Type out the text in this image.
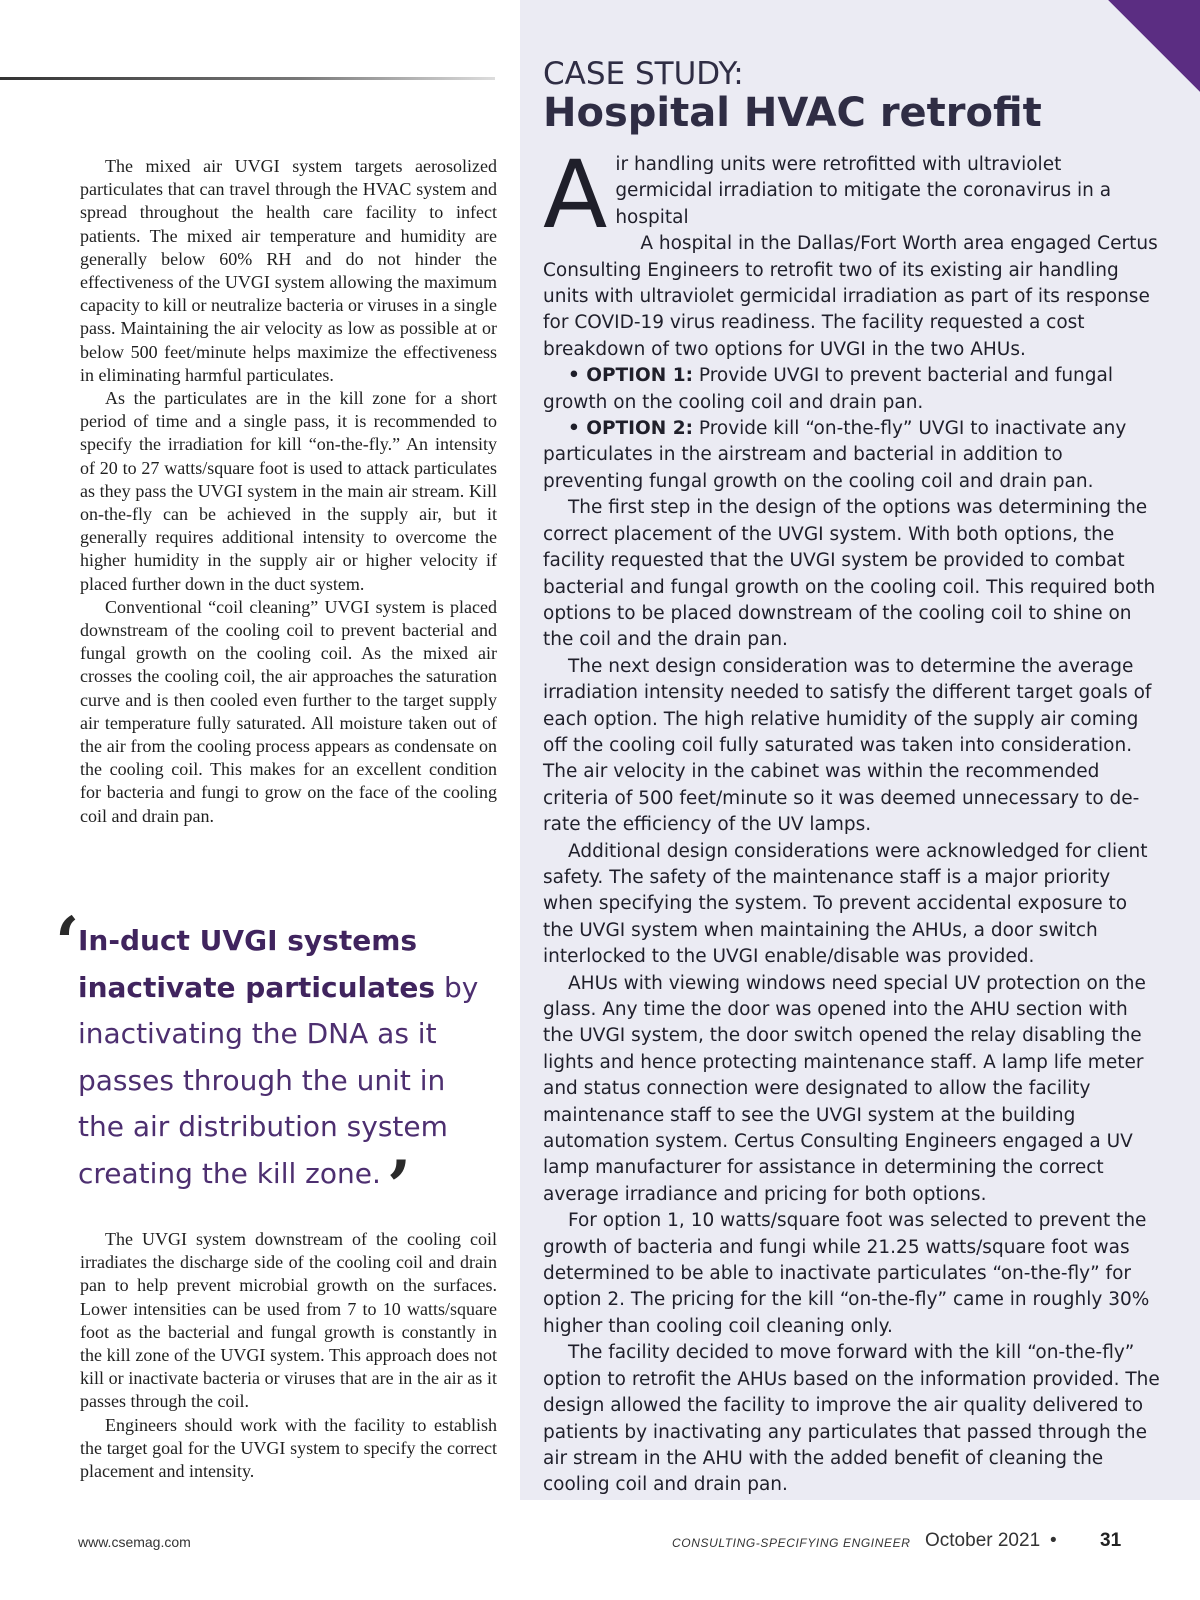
The mixed air UVGI system targets aerosolized particulates that can travel through the HVAC system and spread throughout the health care facility to infect patients. The mixed air temperature and humidity are generally below 60% RH and do not hinder the effectiveness of the UVGI system allowing the maximum capacity to kill or neutralize bacteria or viruses in a single pass. Maintaining the air velocity as low as possible at or below 500 feet/minute helps maximize the effectiveness in eliminating harmful particulates.

As the particulates are in the kill zone for a short period of time and a single pass, it is recommended to specify the irradiation for kill “on-the-fly.” An intensity of 20 to 27 watts/square foot is used to attack particulates as they pass the UVGI system in the main air stream. Kill on-the-fly can be achieved in the supply air, but it generally requires additional intensity to overcome the higher humidity in the supply air or higher velocity if placed further down in the duct system.

Conventional “coil cleaning” UVGI system is placed downstream of the cooling coil to prevent bacterial and fungal growth on the cooling coil. As the mixed air crosses the cooling coil, the air approaches the saturation curve and is then cooled even further to the target supply air temperature fully saturated. All moisture taken out of the air from the cooling process appears as condensate on the cooling coil. This makes for an excellent condition for bacteria and fungi to grow on the face of the cooling coil and drain pan.

‘

In-duct UVGI systems inactivate particulates by inactivating the DNA as it passes through the unit in the air distribution system creating the kill zone.’

The UVGI system downstream of the cooling coil irradiates the discharge side of the cooling coil and drain pan to help prevent microbial growth on the surfaces. Lower intensities can be used from 7 to 10 watts/square foot as the bacterial and fungal growth is constantly in the kill zone of the UVGI system. This approach does not kill or inactivate bacteria or viruses that are in the air as it passes through the coil.

Engineers should work with the facility to establish the target goal for the UVGI system to specify the correct placement and intensity.

CASE STUDY:
Hospital HVAC retrofit

Air handling units were retrofitted with ultraviolet germicidal irradiation to mitigate the coronavirus in a hospital

A hospital in the Dallas/Fort Worth area engaged Certus Consulting Engineers to retrofit two of its existing air handling units with ultraviolet germicidal irradiation as part of its response for COVID-19 virus readiness. The facility requested a cost breakdown of two options for UVGI in the two AHUs.

• OPTION 1: Provide UVGI to prevent bacterial and fungal growth on the cooling coil and drain pan.

• OPTION 2: Provide kill “on-the-fly” UVGI to inactivate any particulates in the airstream and bacterial in addition to preventing fungal growth on the cooling coil and drain pan.

The first step in the design of the options was determining the correct placement of the UVGI system. With both options, the facility requested that the UVGI system be provided to combat bacterial and fungal growth on the cooling coil. This required both options to be placed downstream of the cooling coil to shine on the coil and the drain pan.

The next design consideration was to determine the average irradiation intensity needed to satisfy the different target goals of each option. The high relative humidity of the supply air coming off the cooling coil fully saturated was taken into consideration. The air velocity in the cabinet was within the recommended criteria of 500 feet/minute so it was deemed unnecessary to de-rate the efficiency of the UV lamps.

Additional design considerations were acknowledged for client safety. The safety of the maintenance staff is a major priority when specifying the system. To prevent accidental exposure to the UVGI system when maintaining the AHUs, a door switch interlocked to the UVGI enable/disable was provided.

AHUs with viewing windows need special UV protection on the glass. Any time the door was opened into the AHU section with the UVGI system, the door switch opened the relay disabling the lights and hence protecting maintenance staff. A lamp life meter and status connection were designated to allow the facility maintenance staff to see the UVGI system at the building automation system. Certus Consulting Engineers engaged a UV lamp manufacturer for assistance in determining the correct average irradiance and pricing for both options.

For option 1, 10 watts/square foot was selected to prevent the growth of bacteria and fungi while 21.25 watts/square foot was determined to be able to inactivate particulates “on-the-fly” for option 2. The pricing for the kill “on-the-fly” came in roughly 30% higher than cooling coil cleaning only.

The facility decided to move forward with the kill “on-the-fly” option to retrofit the AHUs based on the information provided. The design allowed the facility to improve the air quality delivered to patients by inactivating any particulates that passed through the air stream in the AHU with the added benefit of cleaning the cooling coil and drain pan.

www.csemag.com	CONSULTING-SPECIFYING ENGINEER October 2021 • 31
